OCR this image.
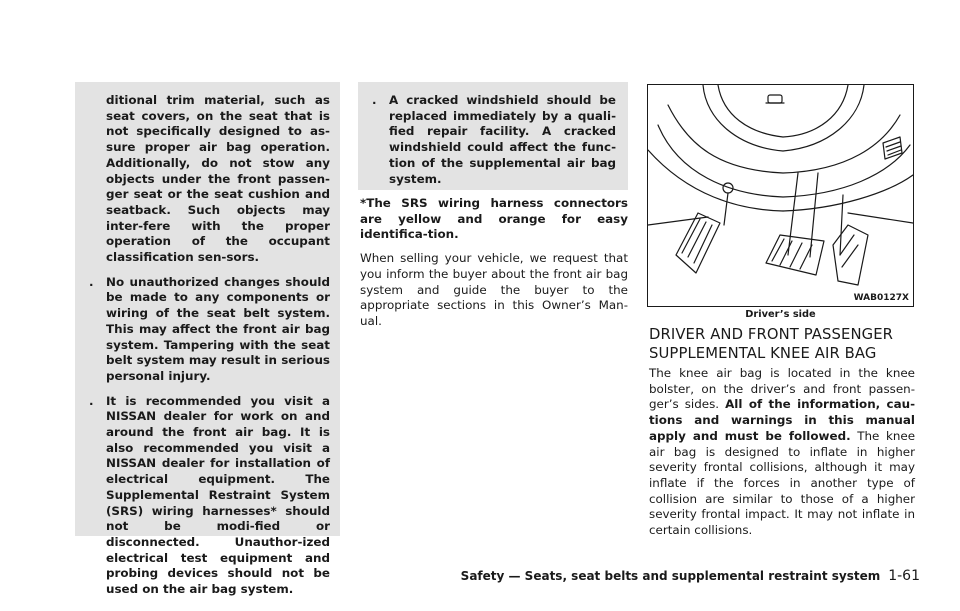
ditional trim material, such as seat covers, on the seat that is not specifically designed to as-sure proper air bag operation. Additionally, do not stow any objects under the front passen-ger seat or the seat cushion and seatback. Such objects may inter-fere with the proper operation of the occupant classification sen-sors.

. No unauthorized changes should be made to any components or wiring of the seat belt system. This may affect the front air bag system. Tampering with the seat belt system may result in serious personal injury.
. It is recommended you visit a NISSAN dealer for work on and around the front air bag. It is also recommended you visit a NISSAN dealer for installation of electrical equipment. The Supplemental Restraint System (SRS) wiring harnesses* should not be modi-fied or disconnected. Unauthor-ized electrical test equipment and probing devices should not be used on the air bag system.
. A cracked windshield should be replaced immediately by a quali-fied repair facility. A cracked windshield could affect the func-tion of the supplemental air bag system.

*The SRS wiring harness connectors are yellow and orange for easy identifica-tion.

When selling your vehicle, we request that you inform the buyer about the front air bag system and guide the buyer to the appropriate sections in this Owner’s Man-ual.

WAB0127X
Driver’s side
DRIVER AND FRONT PASSENGER SUPPLEMENTAL KNEE AIR BAG

The knee air bag is located in the knee bolster, on the driver’s and front passen-ger’s sides. All of the information, cau-tions and warnings in this manual apply and must be followed. The knee air bag is designed to inflate in higher severity frontal collisions, although it may inflate if the forces in another type of collision are similar to those of a higher severity frontal impact. It may not inflate in certain collisions.

Safety — Seats, seat belts and supplemental restraint system 1-61
